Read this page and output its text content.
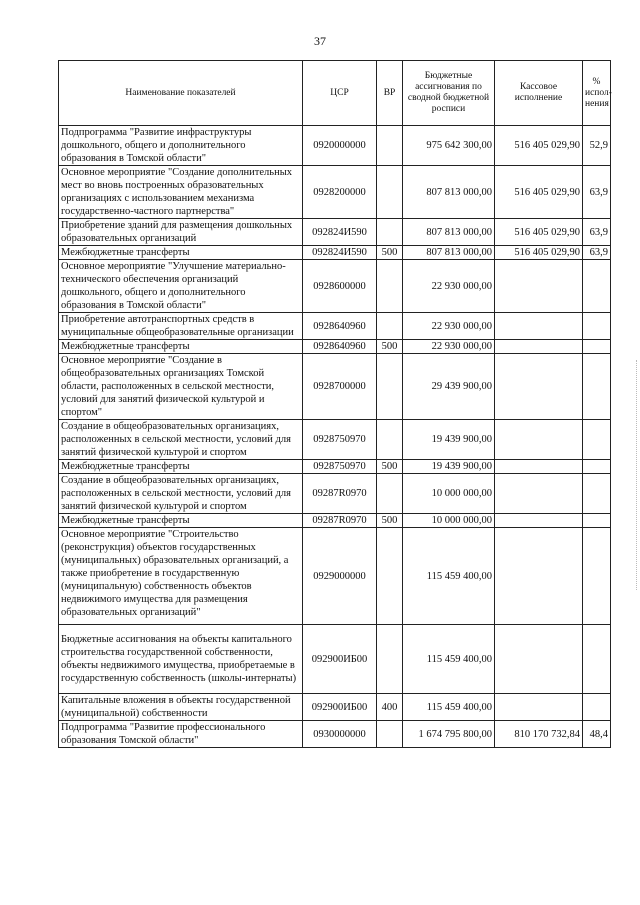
37
Наименование показателей	ЦСР	ВР	Бюджетные ассигнования по сводной бюджетной росписи	Кассовое исполнение	% испол-нения
Подпрограмма "Развитие инфраструктуры дошкольного, общего и дополнительного образования в Томской области"	0920000000		975 642 300,00	516 405 029,90	52,9
Основное мероприятие "Создание дополнительных мест во вновь построенных образовательных организациях с использованием механизма государственно-частного партнерства"	0928200000		807 813 000,00	516 405 029,90	63,9
Приобретение зданий для размещения дошкольных образовательных организаций	092824И590		807 813 000,00	516 405 029,90	63,9
Межбюджетные трансферты	092824И590	500	807 813 000,00	516 405 029,90	63,9
Основное мероприятие "Улучшение материально-технического обеспечения организаций дошкольного, общего и дополнительного образования в Томской области"	0928600000		22 930 000,00		
Приобретение автотранспортных средств в муниципальные общеобразовательные организации	0928640960		22 930 000,00		
Межбюджетные трансферты	0928640960	500	22 930 000,00		
Основное мероприятие "Создание в общеобразовательных организациях Томской области, расположенных в сельской местности, условий для занятий физической культурой и спортом"	0928700000		29 439 900,00		
Создание в общеобразовательных организациях, расположенных в сельской местности, условий для занятий физической культурой и спортом	0928750970		19 439 900,00		
Межбюджетные трансферты	0928750970	500	19 439 900,00		
Создание в общеобразовательных организациях, расположенных в сельской местности, условий для занятий физической культурой и спортом	09287R0970		10 000 000,00		
Межбюджетные трансферты	09287R0970	500	10 000 000,00		
Основное мероприятие "Строительство (реконструкция) объектов государственных (муниципальных) образовательных организаций, а также приобретение в государственную (муниципальную) собственность объектов недвижимого имущества для размещения образовательных организаций"	0929000000		115 459 400,00		
Бюджетные ассигнования на объекты капитального строительства государственной собственности, объекты недвижимого имущества, приобретаемые в государственную собственность (школы-интернаты)	092900ИБ00		115 459 400,00		
Капитальные вложения в объекты государственной (муниципальной) собственности	092900ИБ00	400	115 459 400,00		
Подпрограмма "Развитие профессионального образования Томской области"	0930000000		1 674 795 800,00	810 170 732,84	48,4
